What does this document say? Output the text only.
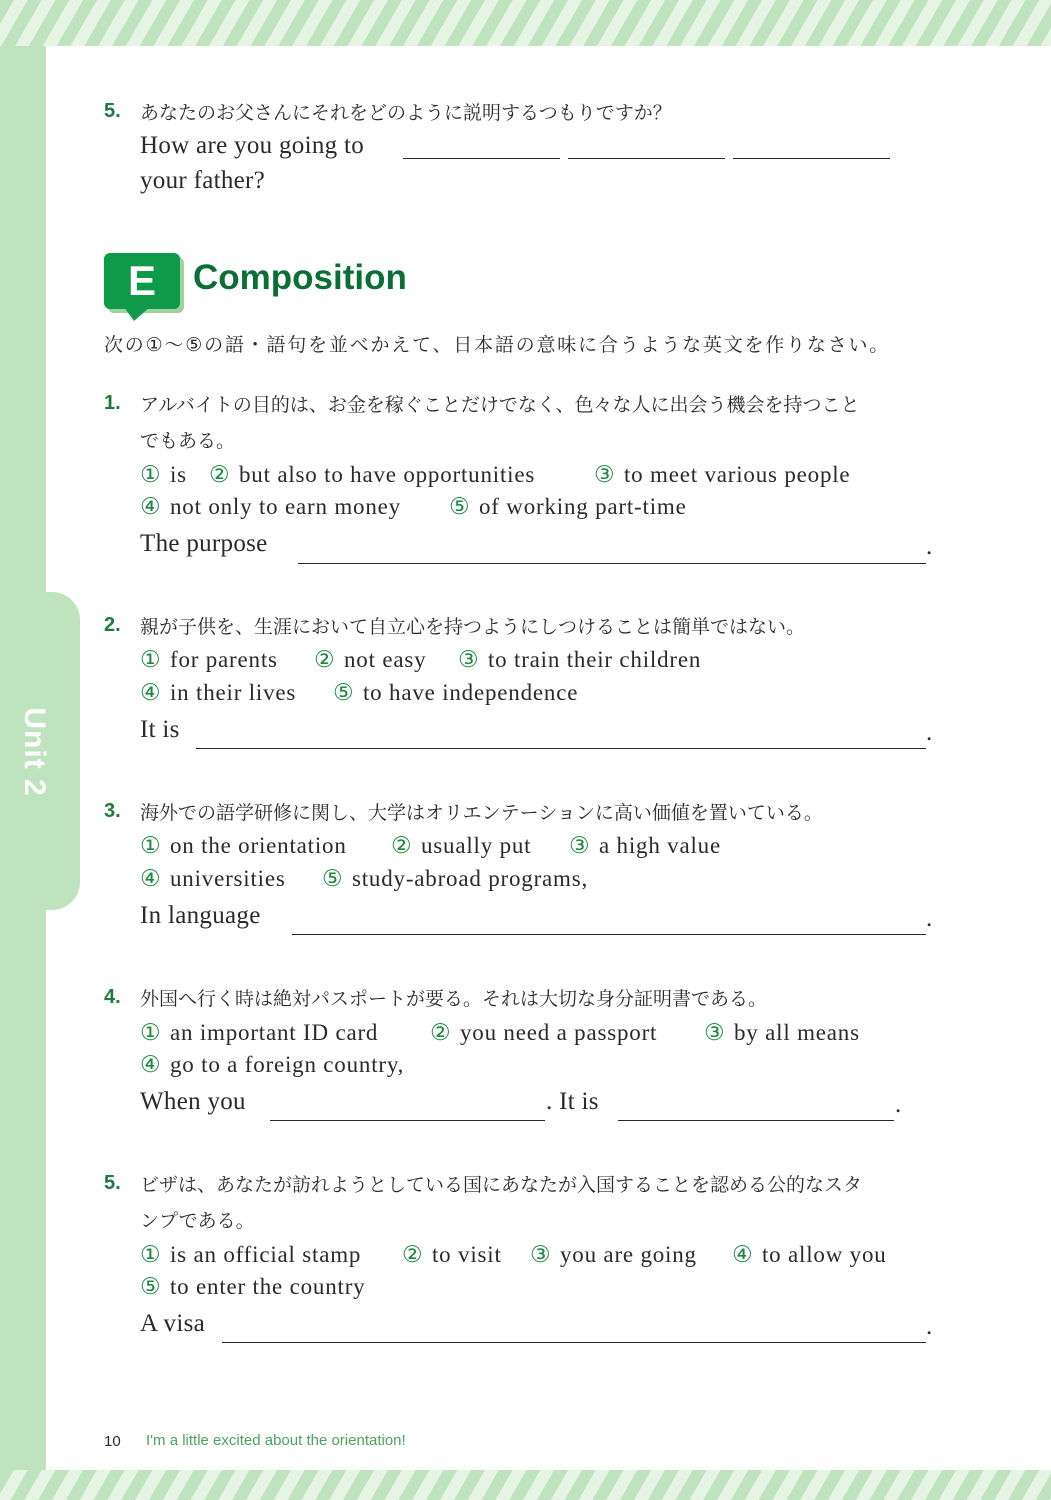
Unit 2
5. あなたのお父さんにそれをどのように説明するつもりですか？
How are you going to
your father?
E	Composition
次の①〜⑤の語・語句を並べかえて、日本語の意味に合うような英文を作りなさい。
1. アルバイトの目的は、お金を稼ぐことだけでなく、色々な人に出会う機会を持つこと
でもある。
① is ② but also to have opportunities	③ to meet various people
④ not only to earn money ⑤ of working part-time
The purpose	.
2. 親が子供を、生涯において自立心を持つようにしつけることは簡単ではない。
① for parents ② not easy ③ to train their children
④ in their lives ⑤ to have independence
It is	.
3. 海外での語学研修に関し、大学はオリエンテーションに高い価値を置いている。
① on the orientation ② usually put ③ a high value
④ universities ⑤ study-abroad programs,
In language	.
4. 外国へ行く時は絶対パスポートが要る。それは大切な身分証明書である。
① an important ID card ② you need a passport ③ by all means
④ go to a foreign country,
When you	. It is	.
5. ビザは、あなたが訪れようとしている国にあなたが入国することを認める公的なスタ
ンプである。
① is an official stamp ② to visit ③ you are going ④ to allow you
⑤ to enter the country
A visa	.
10 I'm a little excited about the orientation!
